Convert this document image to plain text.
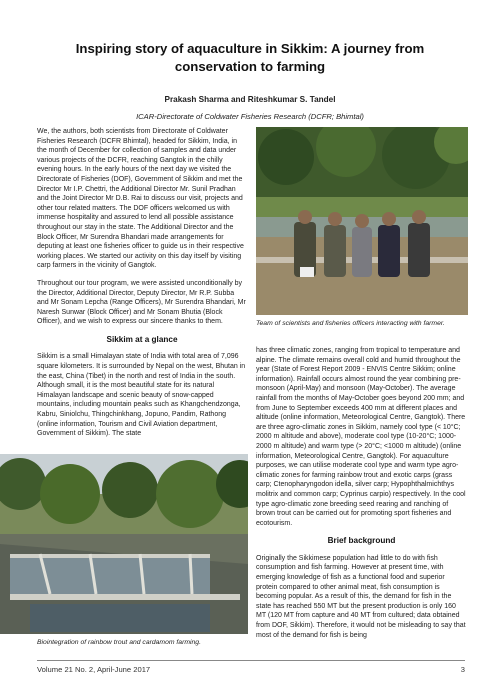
Inspiring story of aquaculture in Sikkim: A journey from conservation to farming

Prakash Sharma and Riteshkumar S. Tandel

ICAR-Directorate of Coldwater Fisheries Research (DCFR; Bhimtal)

We, the authors, both scientists from Directorate of Coldwater Fisheries Research (DCFR Bhimtal), headed for Sikkim, India, in the month of December for collection of samples and data under various projects of the DCFR, reaching Gangtok in the chilly evening hours. In the early hours of the next day we visited the Directorate of Fisheries (DOF), Government of Sikkim and met the Director Mr I.P. Chettri, the Additional Director Mr. Sunil Pradhan and the Joint Director Mr D.B. Rai to discuss our visit, projects and other tour related matters. The DOF officers welcomed us with immense hospitality and assured to lend all possible assistance throughout our stay in the state. The Additional Director and the Block Officer, Mr Surendra Bhandari made arrangements for deputing at least one fisheries officer to guide us in their respective working places. We started our activity on this day itself by visiting carp farmers in the vicinity of Gangtok.

Throughout our tour program, we were assisted unconditionally by the Director, Additional Director, Deputy Director, Mr R.P. Subba and Mr Sonam Lepcha (Range Officers), Mr Surendra Bhandari, Mr Naresh Sunwar (Block Officer) and Mr Sonam Bhutia (Block Officer), and we wish to express our sincere thanks to them.

Sikkim at a glance

Sikkim is a small Himalayan state of India with total area of 7,096 square kilometers. It is surrounded by Nepal on the west, Bhutan in the east, China (Tibet) in the north and rest of India in the south. Although small, it is the most beautiful state for its natural Himalayan landscape and scenic beauty of snow-capped mountains, including mountain peaks such as Khangchendzonga, Kabru, Siniolchu, Thingchinkhang, Jopuno, Pandim, Rathong (online information, Tourism and Civil Aviation department, Government of Sikkim). The state

Team of scientists and fisheries officers interacting with farmer.

has three climatic zones, ranging from tropical to temperature and alpine. The climate remains overall cold and humid throughout the year (State of Forest Report 2009 - ENVIS Centre Sikkim; online information). Rainfall occurs almost round the year combining pre-monsoon (April-May) and monsoon (May-October). The average rainfall from the months of May-October goes beyond 200 mm; and from June to September exceeds 400 mm at different places and altitude (online information, Meteorological Centre, Gangtok). There are three agro-climatic zones in Sikkim, namely cool type (< 10°C; 2000 m altitude and above), moderate cool type (10-20°C; 1000-2000 m altitude) and warm type (> 20°C; <1000 m altitude) (online information, Meteorological Centre, Gangtok). For aquaculture purposes, we can utilise moderate cool type and warm type agro-climatic zones for farming rainbow trout and exotic carps (grass carp; Ctenopharyngodon idella, silver carp; Hypophthalmichthys molitrix and common carp; Cyprinus carpio) respectively. In the cool type agro-climatic zone breeding seed rearing and ranching of brown trout can be carried out for promoting sport fisheries and ecotourism.

Brief background

Originally the Sikkimese population had little to do with fish consumption and fish farming. However at present time, with emerging knowledge of fish as a functional food and superior protein compared to other animal meat, fish consumption is becoming popular. As a result of this, the demand for fish in the state has reached 550 MT but the present production is only 160 MT (120 MT from capture and 40 MT from cultured; data obtained from DOF, Sikkim). Therefore, it would not be misleading to say that most of the demand for fish is being

Biointegration of rainbow trout and cardamom farming.
Volume 21 No. 2, April-June 2017	3
